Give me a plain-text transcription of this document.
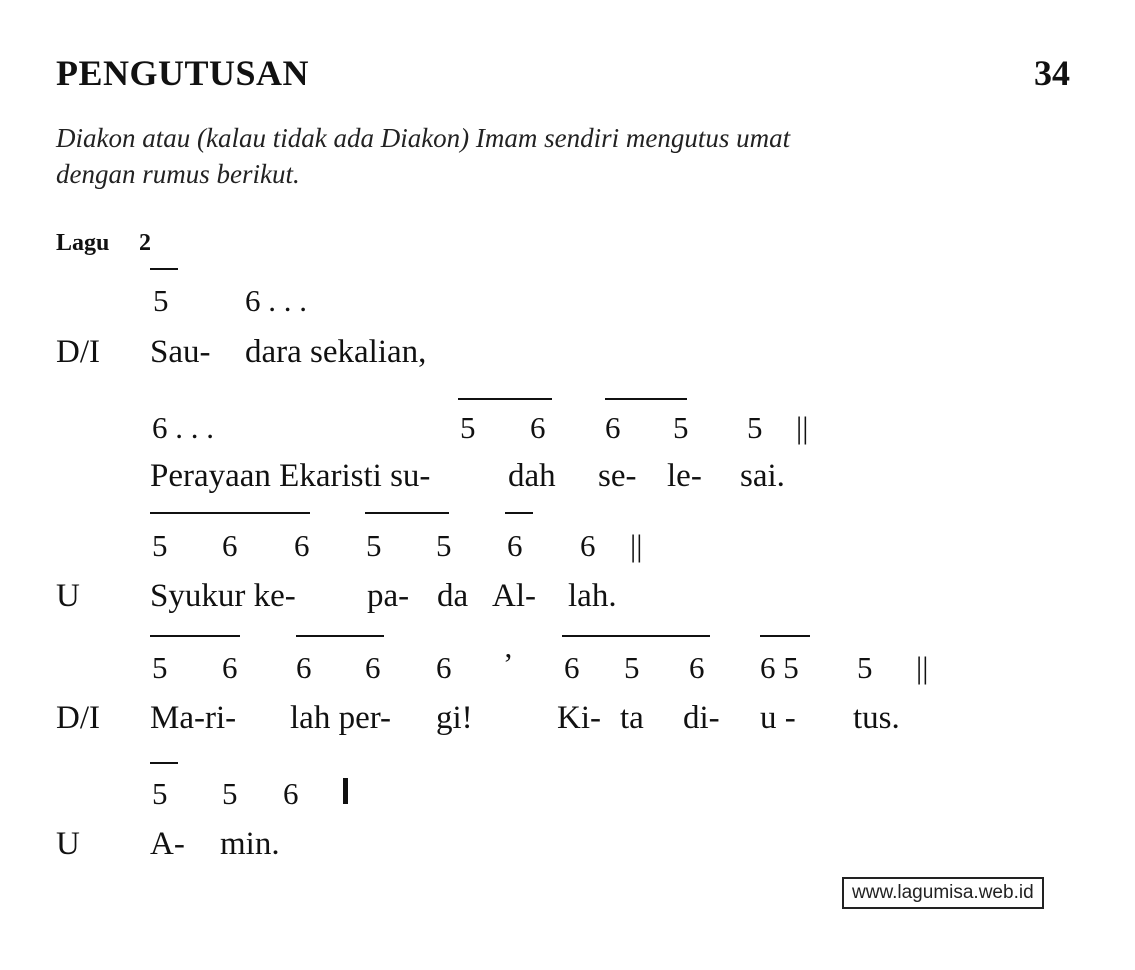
PENGUTUSAN	34
Diakon atau (kalau tidak ada Diakon) Imam sendiri mengutus umat
dengan rumus berikut.
Lagu 2
5 6 . . .
D/I Sau- dara sekalian,
6 . . .	5 6 6 5 5 ||
Perayaan Ekaristi su- dah se- le- sai.
5 6 6 5 5 6 6 ||
U Syukur ke- pa- da Al- lah.
5 6 6 6 6 ’ 6 5 6 6 5 5 ||
D/I Ma-ri- lah per- gi!	Ki- ta di- u - tus.
5 5 6
U A- min.
www.lagumisa.web.id
